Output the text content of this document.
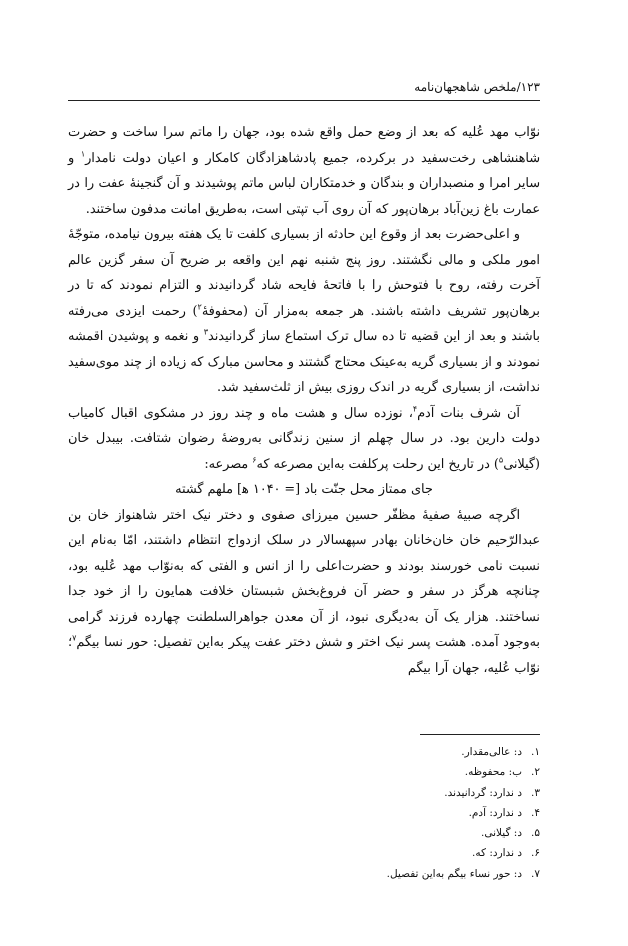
۱۲۳/ملخص شاهجهان‌نامه

نوّاب مهد عُلیه که بعد از وضع حمل واقع شده بود، جهان را ماتم سرا ساخت و حضرت شاهنشاهی رخت‌سفید در برکرده، جمیع پادشاهزادگان کامکار و اعیان دولت نامدار$^۱$ و سایر امرا و منصبداران و بندگان و خدمتکاران لباس ماتم پوشیدند و آن گنجینهٔ عفت را در عمارت باغ زین‌آباد برهان‌پور که آن روی آب تپتی است، به‌طریق امانت مدفون ساختند.

و اعلی‌حضرت بعد از وقوع این حادثه از بسیاری کلفت تا یک هفته بیرون نیامده، متوجّهٔ امور ملکی و مالی نگشتند. روز پنج شنبه نهم این واقعه بر ضریح آن سفر گزین عالم آخرت رفته، روح با فتوحش را با فاتحهٔ فایحه شاد گردانیدند و التزام نمودند که تا در برهان‌پور تشریف داشته باشند. هر جمعه به‌مزار آن (محفوفهٔ$^۲$) رحمت ایزدی می‌رفته باشند و بعد از این قضیه تا ده سال ترک استماع ساز گردانیدند$^۳$ و نغمه و پوشیدن اقمشه نمودند و از بسیاری گریه به‌عینک محتاج گشتند و محاسن مبارک که زیاده از چند موی‌سفید نداشت، از بسیاری گریه در اندک روزی بیش از ثلث‌سفید شد.

آن شرف بنات آدم$^۴$، نوزده سال و هشت ماه و چند روز در مشکوی اقبال کامیاب دولت دارین بود. در سال چهلم از سنین زندگانی به‌روضهٔ رضوان شتافت. بیبدل خان (گیلانی$^۵$) در تاریخ این رحلت پرکلفت به‌این مصرعه که$^۶$ مصرعه:

جای ممتاز محل جنّت باد [= ۱۰۴۰ ه‍] ملهم گشته

اگرچه صبیهٔ صفیهٔ مظفّر حسین میرزای صفوی و دختر نیک اختر شاهنواز خان بن عبدالرّحیم خان خان‌خانان بهادر سپهسالار در سلک ازدواج انتظام داشتند، امّا به‌نام این نسبت نامی خورسند بودند و حضرت‌اعلی را از انس و الفتی که به‌نوّاب مهد عُلیه بود، چنانچه هرگز در سفر و حضر آن فروغ‌بخش شبستان خلافت همایون را از خود جدا نساختند. هزار یک آن به‌دیگری نبود، از آن معدن جواهرالسلطنت چهارده فرزند گرامی به‌وجود آمده. هشت پسر نیک اختر و شش دختر عفت پیکر به‌این تفصیل: حور نسا بیگم$^۷$؛ نوّاب عُلیه، جهان آرا بیگم

۱.د: عالی‌مقدار.
۲.ب: محفوظه.
۳.د ندارد: گردانیدند.
۴.د ندارد: آدم.
۵.د: گیلانی.
۶.د ندارد: که.
۷.د: حور نساء بیگم به‌این تفصیل.
